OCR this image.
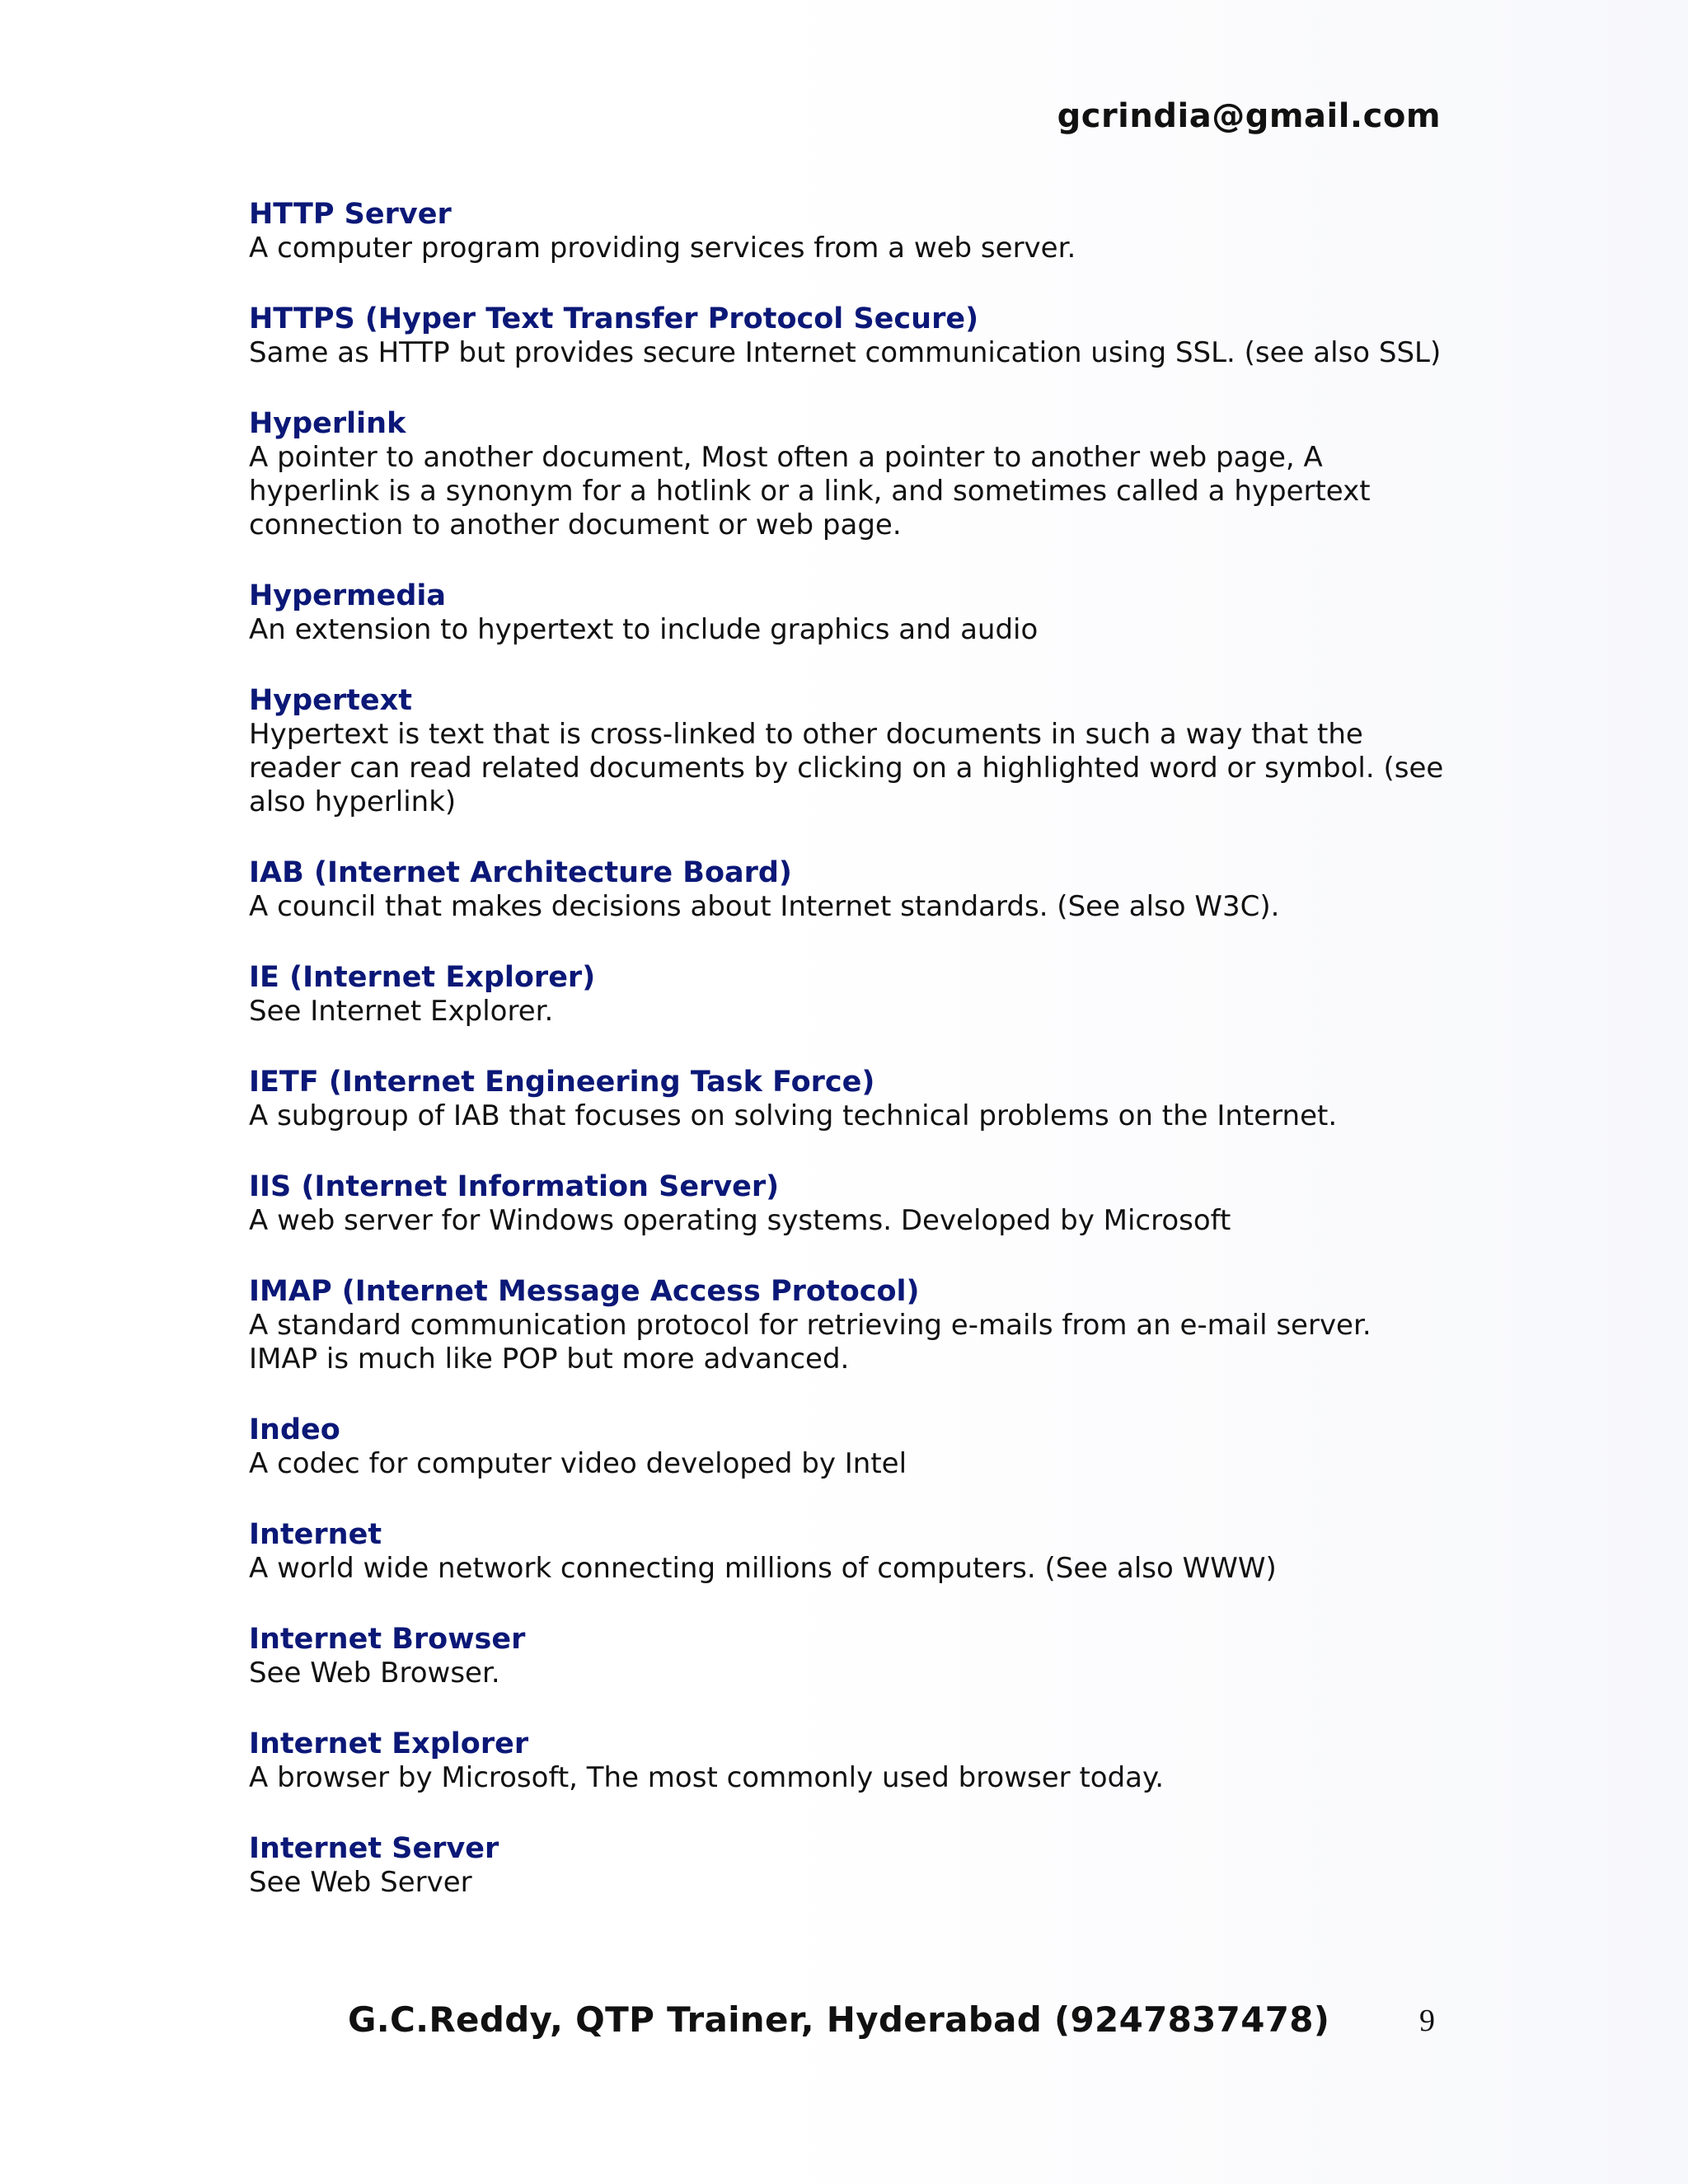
gcrindia@gmail.com
HTTP Server
A computer program providing services from a web server.
HTTPS (Hyper Text Transfer Protocol Secure)
Same as HTTP but provides secure Internet communication using SSL. (see also SSL)
Hyperlink
A pointer to another document, Most often a pointer to another web page, A hyperlink is a synonym for a hotlink or a link, and sometimes called a hypertext connection to another document or web page.
Hypermedia
An extension to hypertext to include graphics and audio
Hypertext
Hypertext is text that is cross-linked to other documents in such a way that the reader can read related documents by clicking on a highlighted word or symbol. (see also hyperlink)
IAB (Internet Architecture Board)
A council that makes decisions about Internet standards. (See also W3C).
IE (Internet Explorer)
See Internet Explorer.
IETF (Internet Engineering Task Force)
A subgroup of IAB that focuses on solving technical problems on the Internet.
IIS (Internet Information Server)
A web server for Windows operating systems. Developed by Microsoft
IMAP (Internet Message Access Protocol)
A standard communication protocol for retrieving e-mails from an e-mail server. IMAP is much like POP but more advanced.
Indeo
A codec for computer video developed by Intel
Internet
A world wide network connecting millions of computers. (See also WWW)
Internet Browser
See Web Browser.
Internet Explorer
A browser by Microsoft, The most commonly used browser today.
Internet Server
See Web Server
G.C.Reddy, QTP Trainer, Hyderabad (9247837478)	9
